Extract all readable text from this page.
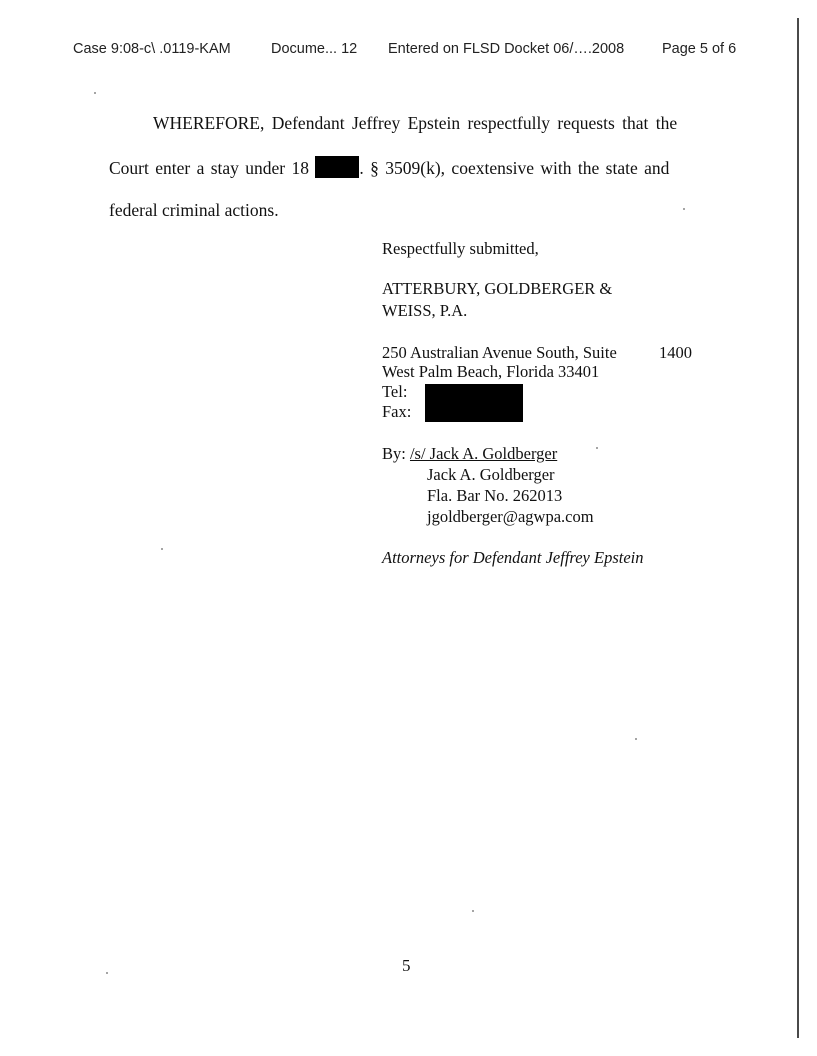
Case 9:08-c\ .0119-KAM	Docume... 12 Entered on FLSD Docket 06/….2008	Page 5 of 6
WHEREFORE, Defendant Jeffrey Epstein respectfully requests that the
Court enter a stay under 18	. § 3509(k), coextensive with the state and
federal criminal actions.
Respectfully submitted,
ATTERBURY, GOLDBERGER &
WEISS, P.A.
250 Australian Avenue South, Suite	1400
West Palm Beach, Florida 33401
Tel:
Fax:
By: /s/ Jack A. Goldberger
Jack A. Goldberger
Fla. Bar No. 262013
jgoldberger@agwpa.com
Attorneys for Defendant Jeffrey Epstein
5
